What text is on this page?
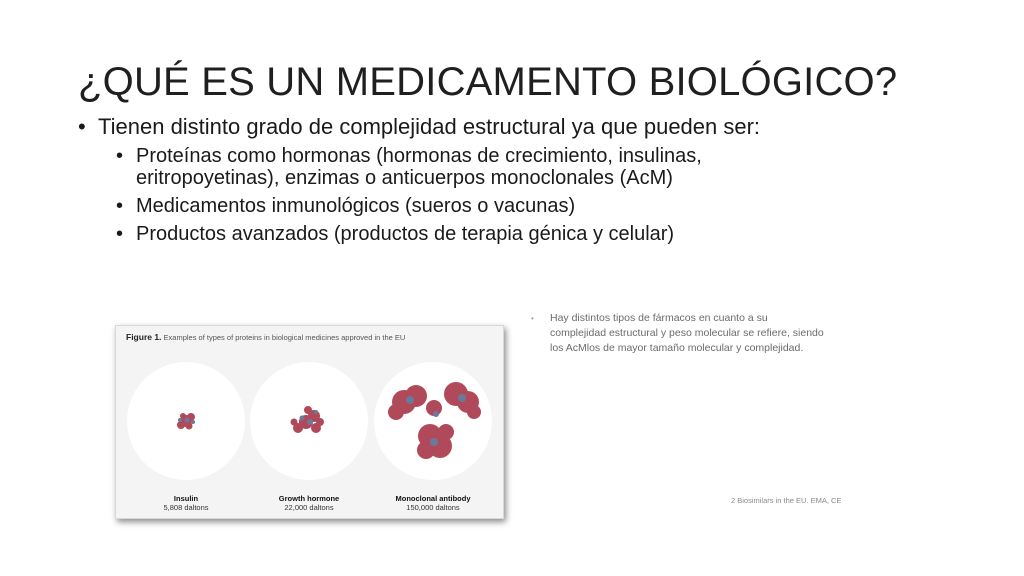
¿QUÉ ES UN MEDICAMENTO BIOLÓGICO?
• Tienen distinto grado de complejidad estructural ya que pueden ser:
• Proteínas como hormonas (hormonas de crecimiento, insulinas, eritropoyetinas), enzimas o anticuerpos monoclonales (AcM)
• Medicamentos inmunológicos (sueros o vacunas)
• Productos avanzados (productos de terapia génica y celular)
Figure 1. Examples of types of proteins in biological medicines approved in the EU
Insulin
5,808 daltons
Growth hormone
22,000 daltons
Monoclonal antibody
150,000 daltons
•	Hay distintos tipos de fármacos en cuanto a su complejidad estructural y peso molecular se refiere, siendo los AcMlos de mayor tamaño molecular y complejidad.
2 Biosimilars in the EU. EMA, CE
